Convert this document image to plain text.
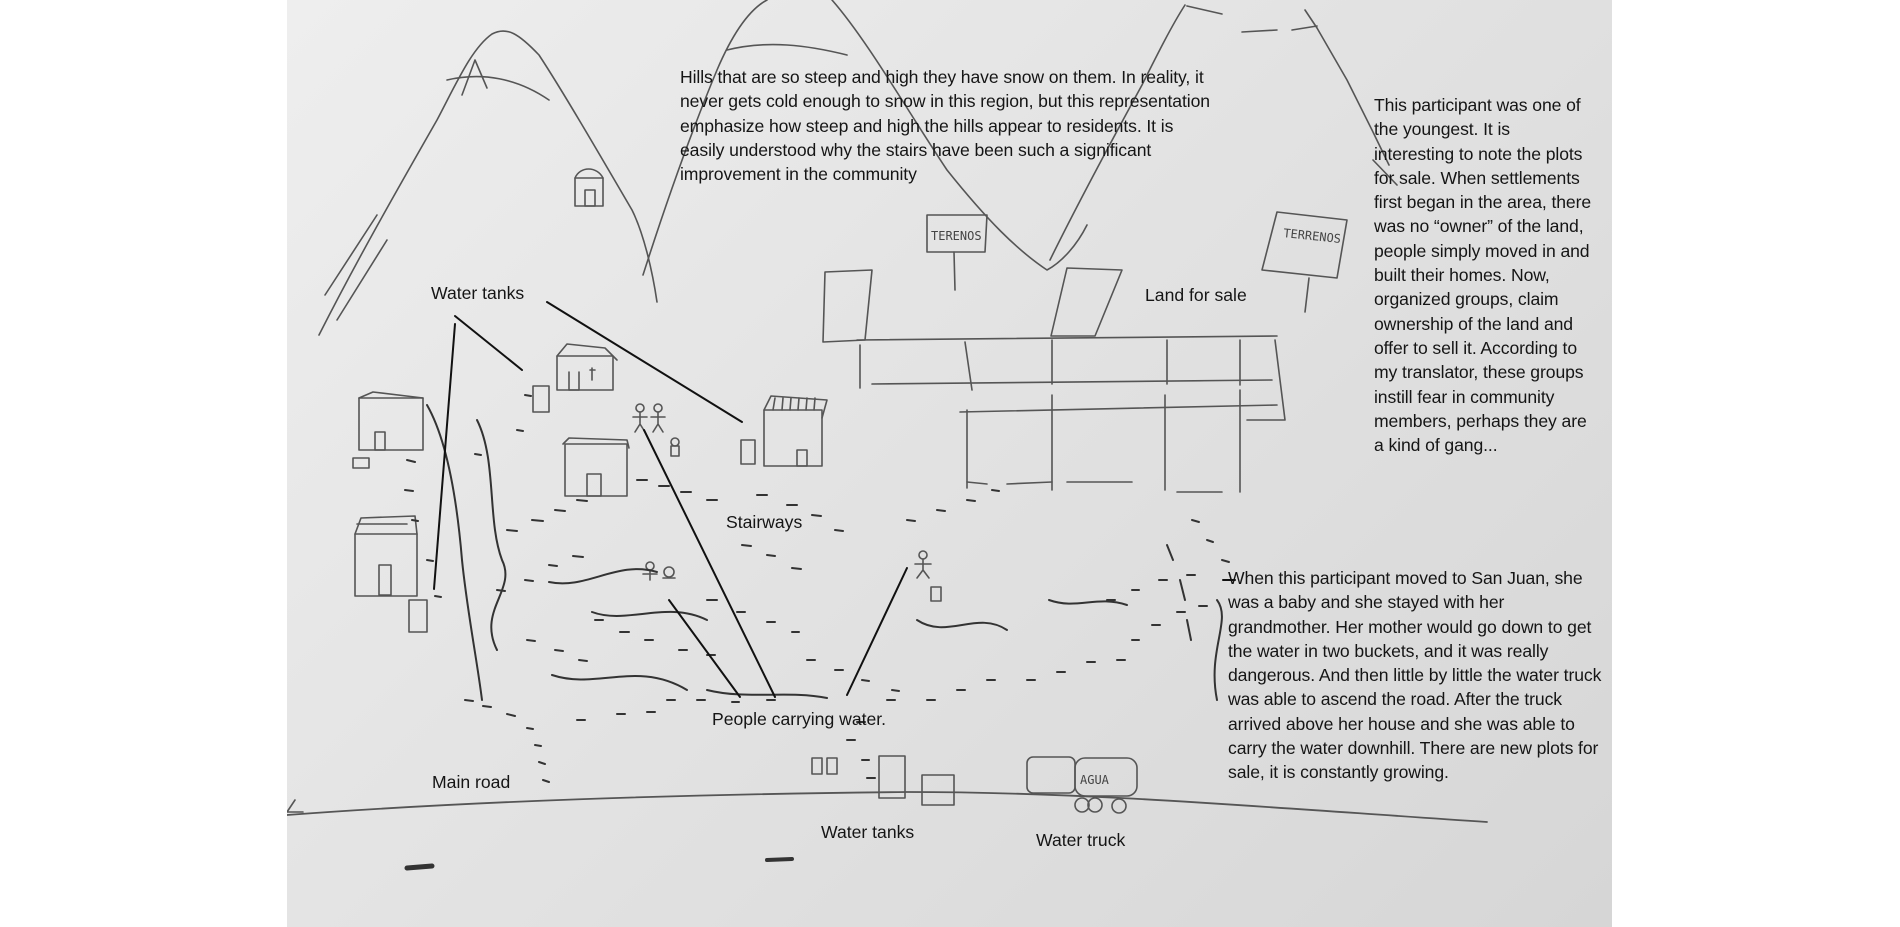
TERENOS	TERRENOS
AGUA

Hills that are so steep and high they have snow on them. In reality, it never gets cold enough to snow in this region, but this representation emphasize how steep and high the hills appear to residents. It is easily understood why the stairs have been such a significant improvement in the community

This participant was one of the youngest. It is interesting to note the plots for sale. When settlements first began in the area, there was no “owner” of the land, people simply moved in and built their homes. Now, organized groups, claim ownership of the land and offer to sell it. According to my translator, these groups instill fear in community members, perhaps they are a kind of gang...

When this participant moved to San Juan, she was a baby and she stayed with her grandmother. Her mother would go down to get the water in two buckets, and it was really dangerous. And then little by little the water truck was able to ascend the road. After the truck arrived above her house and she was able to carry the water downhill. There are new plots for sale, it is constantly growing.

Water tanks	Land for sale
Stairways
People carrying water.
Main road
Water tanks	Water truck
